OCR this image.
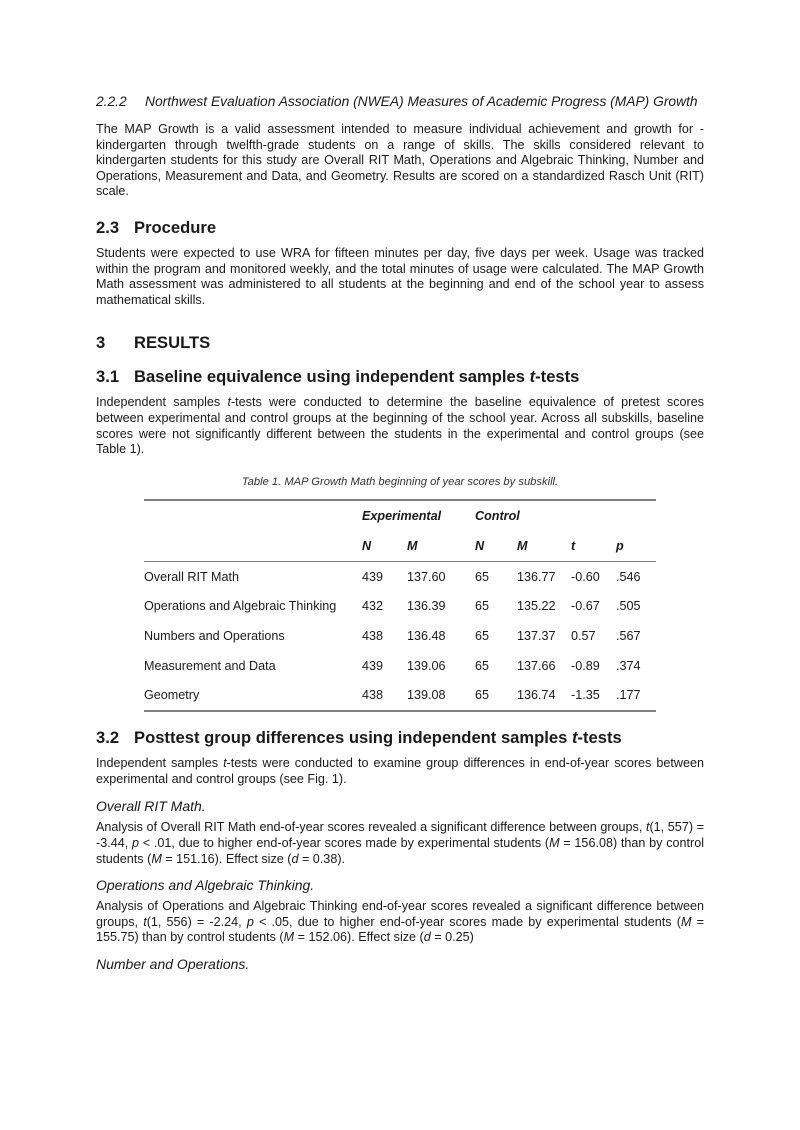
2.2.2	Northwest Evaluation Association (NWEA) Measures of Academic Progress (MAP) Growth

The MAP Growth is a valid assessment intended to measure individual achievement and growth for -kindergarten through twelfth-grade students on a range of skills. The skills considered relevant to kindergarten students for this study are Overall RIT Math, Operations and Algebraic Thinking, Number and Operations, Measurement and Data, and Geometry. Results are scored on a standardized Rasch Unit (RIT) scale.

2.3 Procedure

Students were expected to use WRA for fifteen minutes per day, five days per week. Usage was tracked within the program and monitored weekly, and the total minutes of usage were calculated. The MAP Growth Math assessment was administered to all students at the beginning and end of the school year to assess mathematical skills.

3	RESULTS
3.1 Baseline equivalence using independent samples t-tests

Independent samples t-tests were conducted to determine the baseline equivalence of pretest scores between experimental and control groups at the beginning of the school year. Across all subskills, baseline scores were not significantly different between the students in the experimental and control groups (see Table 1).

Table 1. MAP Growth Math beginning of year scores by subskill.

	Experimental		Control			
	N	M	N	M	t	p
Overall RIT Math	439	137.60	65	136.77	-0.60	.546
Operations and Algebraic Thinking	432	136.39	65	135.22	-0.67	.505
Numbers and Operations	438	136.48	65	137.37	0.57	.567
Measurement and Data	439	139.06	65	137.66	-0.89	.374
Geometry	438	139.08	65	136.74	-1.35	.177
3.2 Posttest group differences using independent samples t-tests

Independent samples t-tests were conducted to examine group differences in end-of-year scores between experimental and control groups (see Fig. 1).

Overall RIT Math.

Analysis of Overall RIT Math end-of-year scores revealed a significant difference between groups, t(1, 557) = -3.44, p < .01, due to higher end-of-year scores made by experimental students (M = 156.08) than by control students (M = 151.16). Effect size (d = 0.38).

Operations and Algebraic Thinking.

Analysis of Operations and Algebraic Thinking end-of-year scores revealed a significant difference between groups, t(1, 556) = -2.24, p < .05, due to higher end-of-year scores made by experimental students (M = 155.75) than by control students (M = 152.06). Effect size (d = 0.25)

Number and Operations.
